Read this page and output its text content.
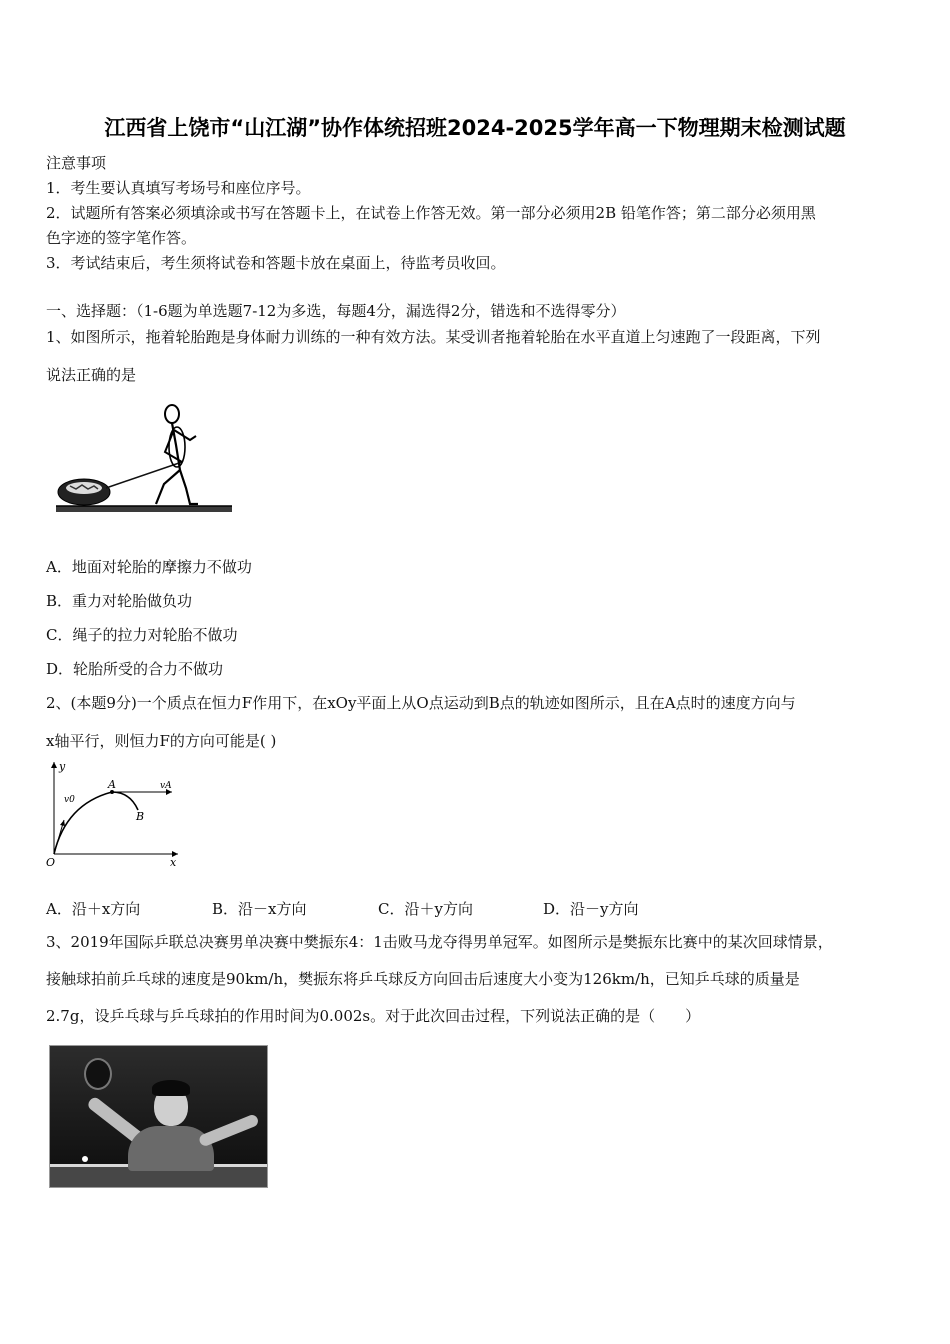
江西省上饶市“山江湖”协作体统招班2024-2025学年高一下物理期末检测试题
注意事项
1．考生要认真填写考场号和座位序号。
2．试题所有答案必须填涂或书写在答题卡上，在试卷上作答无效。第一部分必须用2B 铅笔作答；第二部分必须用黑
色字迹的签字笔作答。
3．考试结束后，考生须将试卷和答题卡放在桌面上，待监考员收回。
一、选择题：（1-6题为单选题7-12为多选，每题4分，漏选得2分，错选和不选得零分）
1、如图所示，拖着轮胎跑是身体耐力训练的一种有效方法。某受训者拖着轮胎在水平直道上匀速跑了一段距离，下列
说法正确的是
A．地面对轮胎的摩擦力不做功
B．重力对轮胎做负功
C．绳子的拉力对轮胎不做功
D．轮胎所受的合力不做功
2、(本题9分)一个质点在恒力F作用下，在xOy平面上从O点运动到B点的轨迹如图所示，且在A点时的速度方向与
x轴平行，则恒力F的方向可能是( )
y
x
O
A
B
v0
vA
A．沿＋x方向	B．沿－x方向	C．沿＋y方向	D．沿－y方向
3、2019年国际乒联总决赛男单决赛中樊振东4：1击败马龙夺得男单冠军。如图所示是樊振东比赛中的某次回球情景，
接触球拍前乒乓球的速度是90km/h，樊振东将乒乓球反方向回击后速度大小变为126km/h，已知乒乓球的质量是
2.7g，设乒乓球与乒乓球拍的作用时间为0.002s。对于此次回击过程，下列说法正确的是（　　）
